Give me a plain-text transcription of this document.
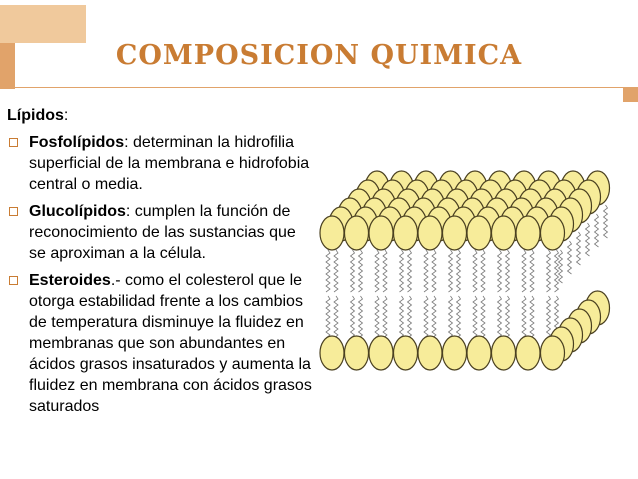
COMPOSICION QUIMICA
Lípidos:
Fosfolípidos: determinan la hidrofilia superficial de la membrana e hidrofobia central o media.
Glucolípidos: cumplen la función de reconocimiento de las sustancias que se aproximan a la célula.
Esteroides.- como el colesterol que le otorga estabilidad frente a los cambios de temperatura disminuye la fluidez en membranas que son abundantes en ácidos grasos insaturados y aumenta la fluidez en membrana con ácidos grasos saturados
